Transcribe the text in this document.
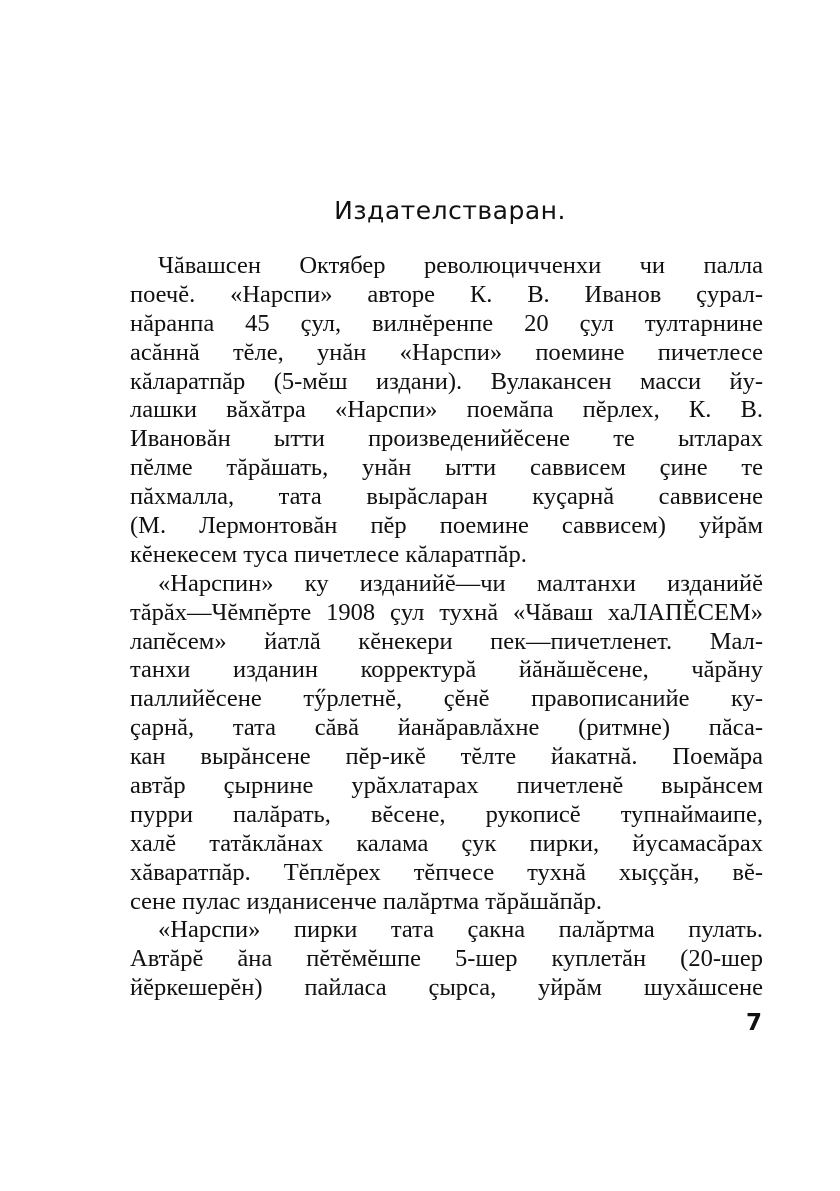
Издателстваран.
Чăвашсен Октябер революцичченхи чи палла
поечĕ. «Нарспи» авторе К. В. Иванов çурал-
нăранпа 45 çул, вилнĕренпе 20 çул тултарнине
асăннă тĕле, унăн «Нарспи» поемине пичетлесе
кăларатпăр (5-мĕш издани). Вулакансен масси йу-
лашки вăхăтра «Нарспи» поемăпа пĕрлех, К. В.
Ивановăн ытти произведенийĕсене те ытларах
пĕлме тăрăшать, унăн ытти саввисем çине те
пăхмалла, тата вырăсларан куçарнă саввисене
(М. Лермонтовăн пĕр поемине саввисем) уйрăм
кĕнекесем туса пичетлесе кăларатпăр.
«Нарспин» ку изданийĕ—чи малтанхи изданийĕ
тăрăх—Чĕмпĕрте 1908 çул тухнă «Чăваш хаЛАПĔСЕМ»
лапĕсем» йатлă кĕнекери пек—пичетленет. Мал-
танхи изданин корректурă йăнăшĕсене, чăрăну
паллийĕсене тӳрлетнĕ, çĕнĕ правописанийе ку-
çарнă, тата сăвă йанăравлăхне (ритмне) пăса-
кан вырăнсене пĕр-икĕ тĕлте йакатнă. Поемăра
автăр çырнине урăхлатарах пичетленĕ вырăнсем
пурри палăрать, вĕсене, рукописĕ тупнаймаипе,
халĕ татăклăнах калама çук пирки, йусамасăрах
хăваратпăр. Тĕплĕрех тĕпчесе тухнă хыççăн, вĕ-
сене пулас изданисенче палăртма тăрăшăпăр.
«Нарспи» пирки тата çакна палăртма пулать.
Автăрĕ ăна пĕтĕмĕшпе 5-шер куплетăн (20-шер
йĕркешерĕн) пайласа çырса, уйрăм шухăшсене
7
